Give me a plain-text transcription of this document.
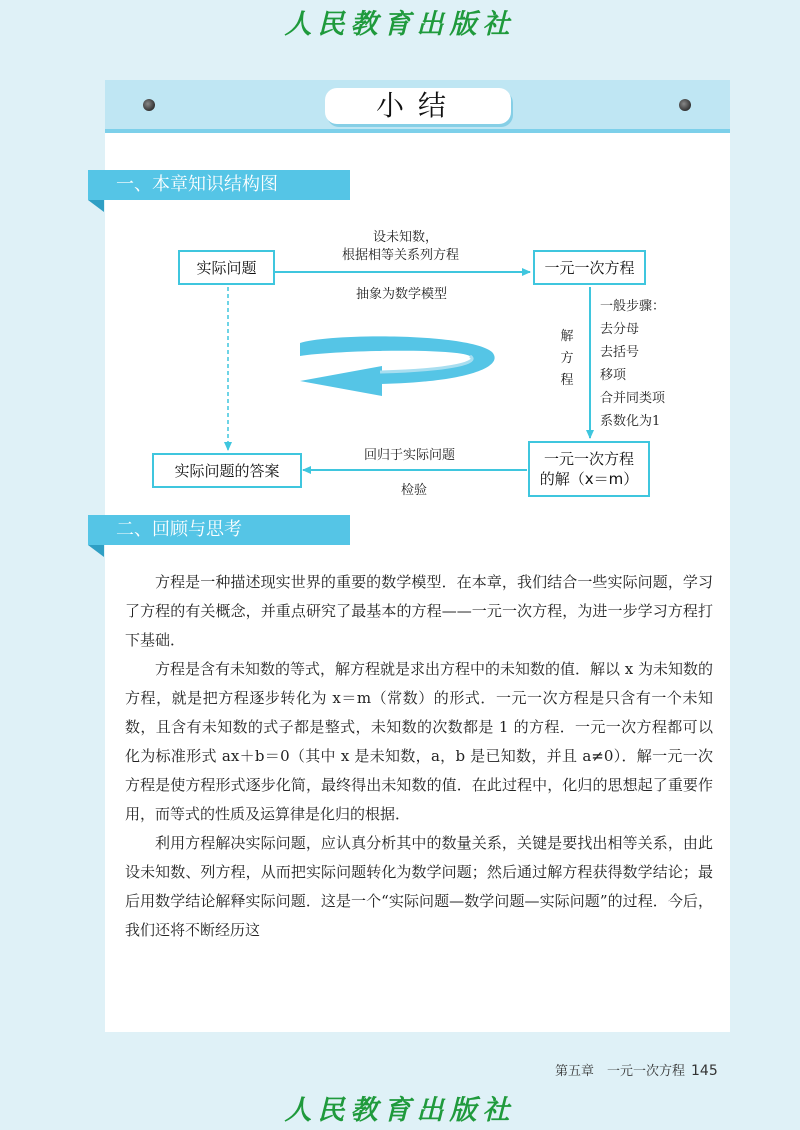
人民教育出版社
小结
一、本章知识结构图
实际问题	一元一次方程
实际问题的答案
一元一次方程
的解（x＝m）
设未知数，
根据相等关系列方程
抽象为数学模型
解
方
程
一般步骤：
去分母
去括号
移项
合并同类项
系数化为1
回归于实际问题
检验
二、回顾与思考

方程是一种描述现实世界的重要的数学模型．在本章，我们结合一些实际问题，学习了方程的有关概念，并重点研究了最基本的方程——一元一次方程，为进一步学习方程打下基础．

方程是含有未知数的等式，解方程就是求出方程中的未知数的值．解以 x 为未知数的方程，就是把方程逐步转化为 x＝m（常数）的形式．一元一次方程是只含有一个未知数，且含有未知数的式子都是整式，未知数的次数都是 1 的方程．一元一次方程都可以化为标准形式 ax＋b＝0（其中 x 是未知数，a，b 是已知数，并且 a≠0）．解一元一次方程是使方程形式逐步化简，最终得出未知数的值．在此过程中，化归的思想起了重要作用，而等式的性质及运算律是化归的根据．

利用方程解决实际问题，应认真分析其中的数量关系，关键是要找出相等关系，由此设未知数、列方程，从而把实际问题转化为数学问题；然后通过解方程获得数学结论；最后用数学结论解释实际问题．这是一个“实际问题—数学问题—实际问题”的过程．今后，我们还将不断经历这

第五章　一元一次方程 145
人民教育出版社
